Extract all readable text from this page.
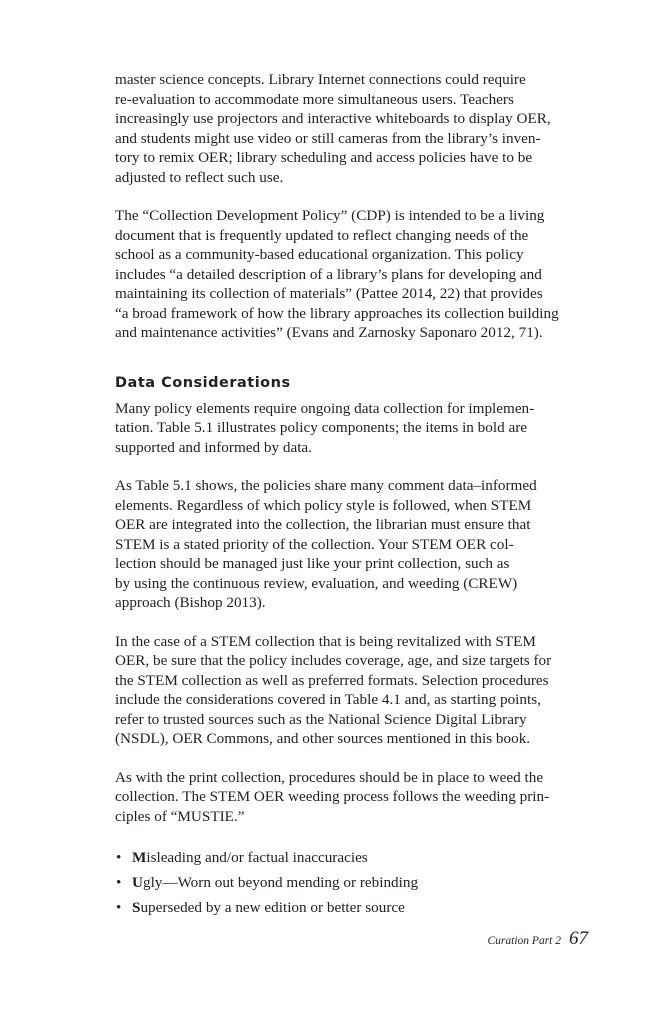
master science concepts. Library Internet connections could require
re-evaluation to accommodate more simultaneous users. Teachers
increasingly use projectors and interactive whiteboards to display OER,
and students might use video or still cameras from the library’s inven-
tory to remix OER; library scheduling and access policies have to be
adjusted to reflect such use.

The “Collection Development Policy” (CDP) is intended to be a living
document that is frequently updated to reflect changing needs of the
school as a community-based educational organization. This policy
includes “a detailed description of a library’s plans for developing and
maintaining its collection of materials” (Pattee 2014, 22) that provides
“a broad framework of how the library approaches its collection building
and maintenance activities” (Evans and Zarnosky Saponaro 2012, 71).

Data Considerations

Many policy elements require ongoing data collection for implemen-
tation. Table 5.1 illustrates policy components; the items in bold are
supported and informed by data.

As Table 5.1 shows, the policies share many comment data–informed
elements. Regardless of which policy style is followed, when STEM
OER are integrated into the collection, the librarian must ensure that
STEM is a stated priority of the collection. Your STEM OER col-
lection should be managed just like your print collection, such as
by using the continuous review, evaluation, and weeding (CREW)
approach (Bishop 2013).

In the case of a STEM collection that is being revitalized with STEM
OER, be sure that the policy includes coverage, age, and size targets for
the STEM collection as well as preferred formats. Selection procedures
include the considerations covered in Table 4.1 and, as starting points,
refer to trusted sources such as the National Science Digital Library
(NSDL), OER Commons, and other sources mentioned in this book.

As with the print collection, procedures should be in place to weed the
collection. The STEM OER weeding process follows the weeding prin-
ciples of “MUSTIE.”

• Misleading and/or factual inaccuracies
• Ugly—Worn out beyond mending or rebinding
• Superseded by a new edition or better source
Curation Part 2 67
